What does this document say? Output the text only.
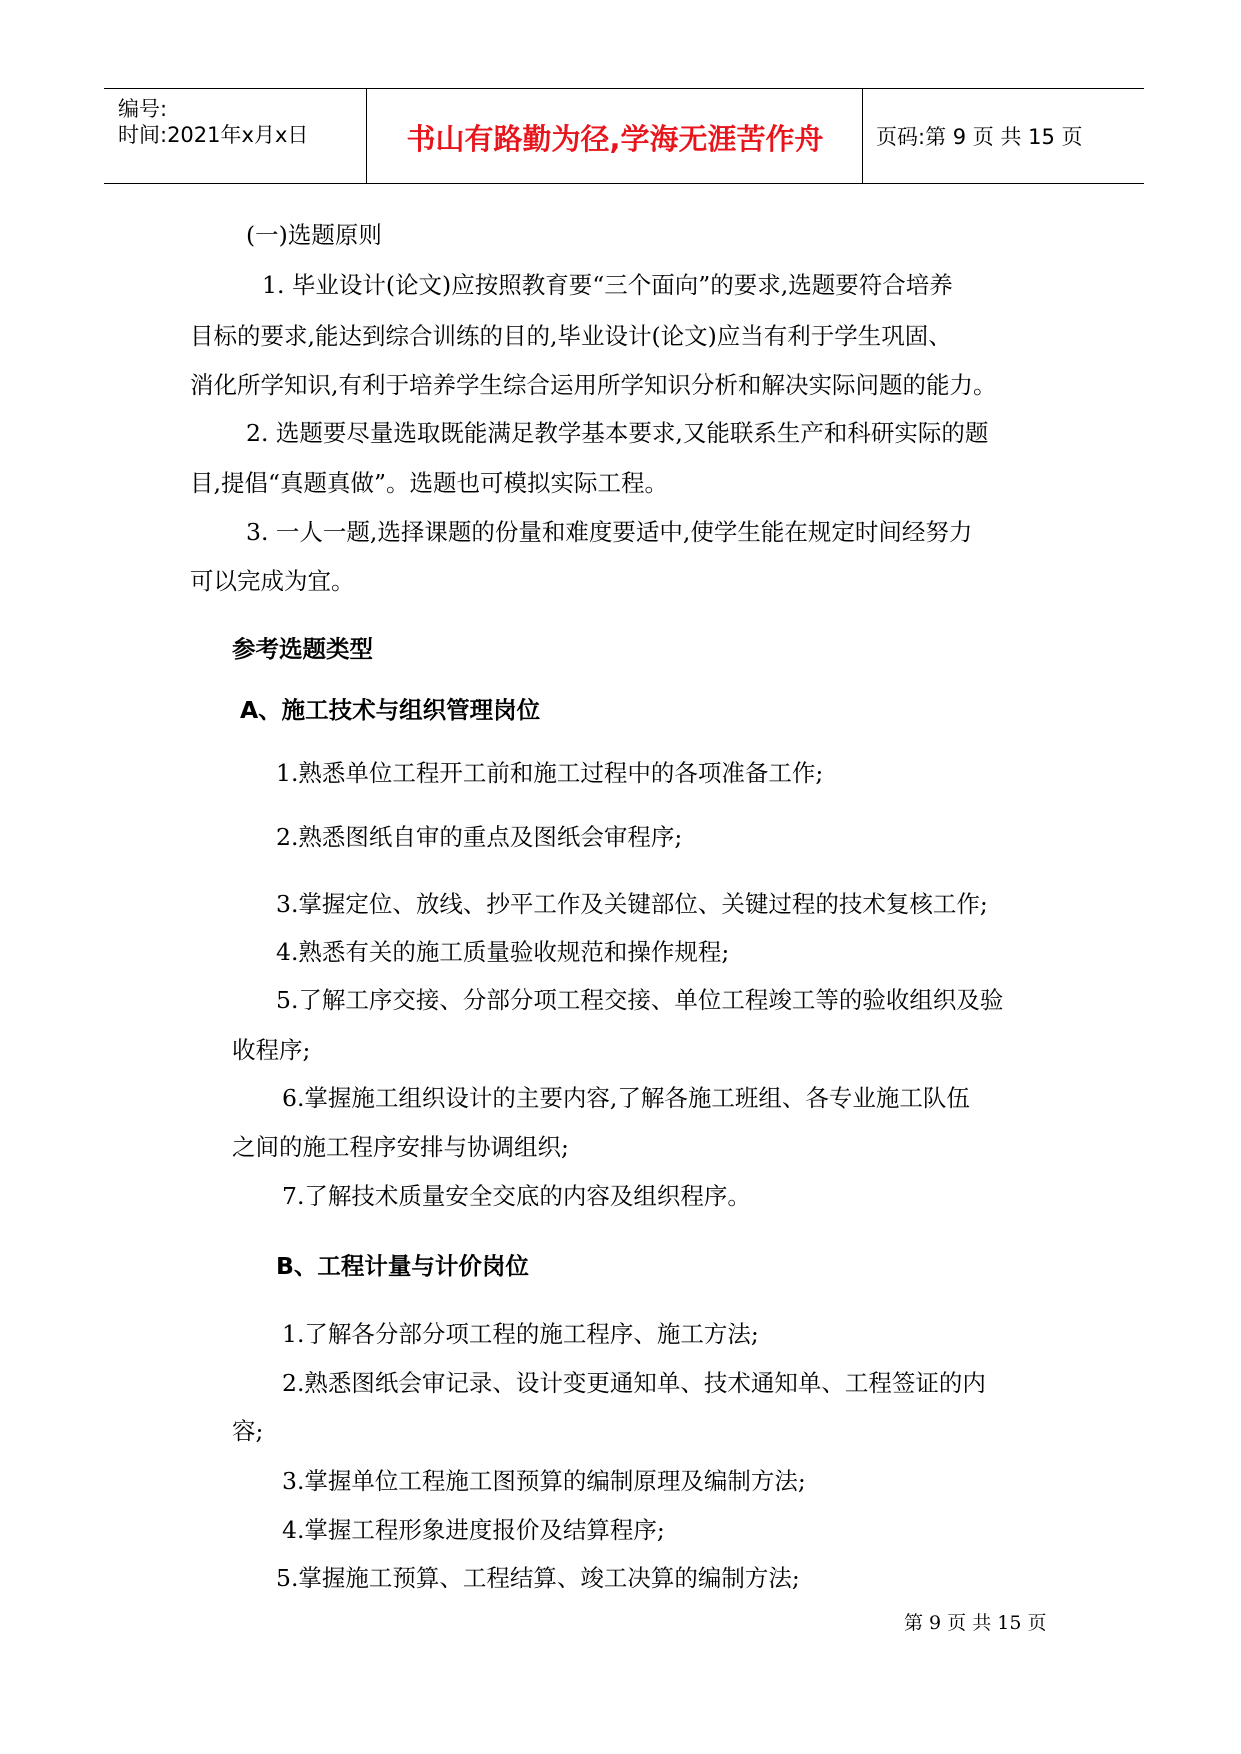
编号:
时间:2021年x月x日	书山有路勤为径,学海无涯苦作舟	页码:第 9 页 共 15 页
(一)选题原则
1. 毕业设计(论文)应按照教育要“三个面向”的要求,选题要符合培养
目标的要求,能达到综合训练的目的,毕业设计(论文)应当有利于学生巩固、
消化所学知识,有利于培养学生综合运用所学知识分析和解决实际问题的能力。
2. 选题要尽量选取既能满足教学基本要求,又能联系生产和科研实际的题
目,提倡“真题真做”。选题也可模拟实际工程。
3. 一人一题,选择课题的份量和难度要适中,使学生能在规定时间经努力
可以完成为宜。
参考选题类型
A、施工技术与组织管理岗位
1.熟悉单位工程开工前和施工过程中的各项准备工作;
2.熟悉图纸自审的重点及图纸会审程序;
3.掌握定位、放线、抄平工作及关键部位、关键过程的技术复核工作;
4.熟悉有关的施工质量验收规范和操作规程;
5.了解工序交接、分部分项工程交接、单位工程竣工等的验收组织及验
收程序;
6.掌握施工组织设计的主要内容,了解各施工班组、各专业施工队伍
之间的施工程序安排与协调组织;
7.了解技术质量安全交底的内容及组织程序。
B、工程计量与计价岗位
1.了解各分部分项工程的施工程序、施工方法;
2.熟悉图纸会审记录、设计变更通知单、技术通知单、工程签证的内
容;
3.掌握单位工程施工图预算的编制原理及编制方法;
4.掌握工程形象进度报价及结算程序;
5.掌握施工预算、工程结算、竣工决算的编制方法;
第 9 页 共 15 页
